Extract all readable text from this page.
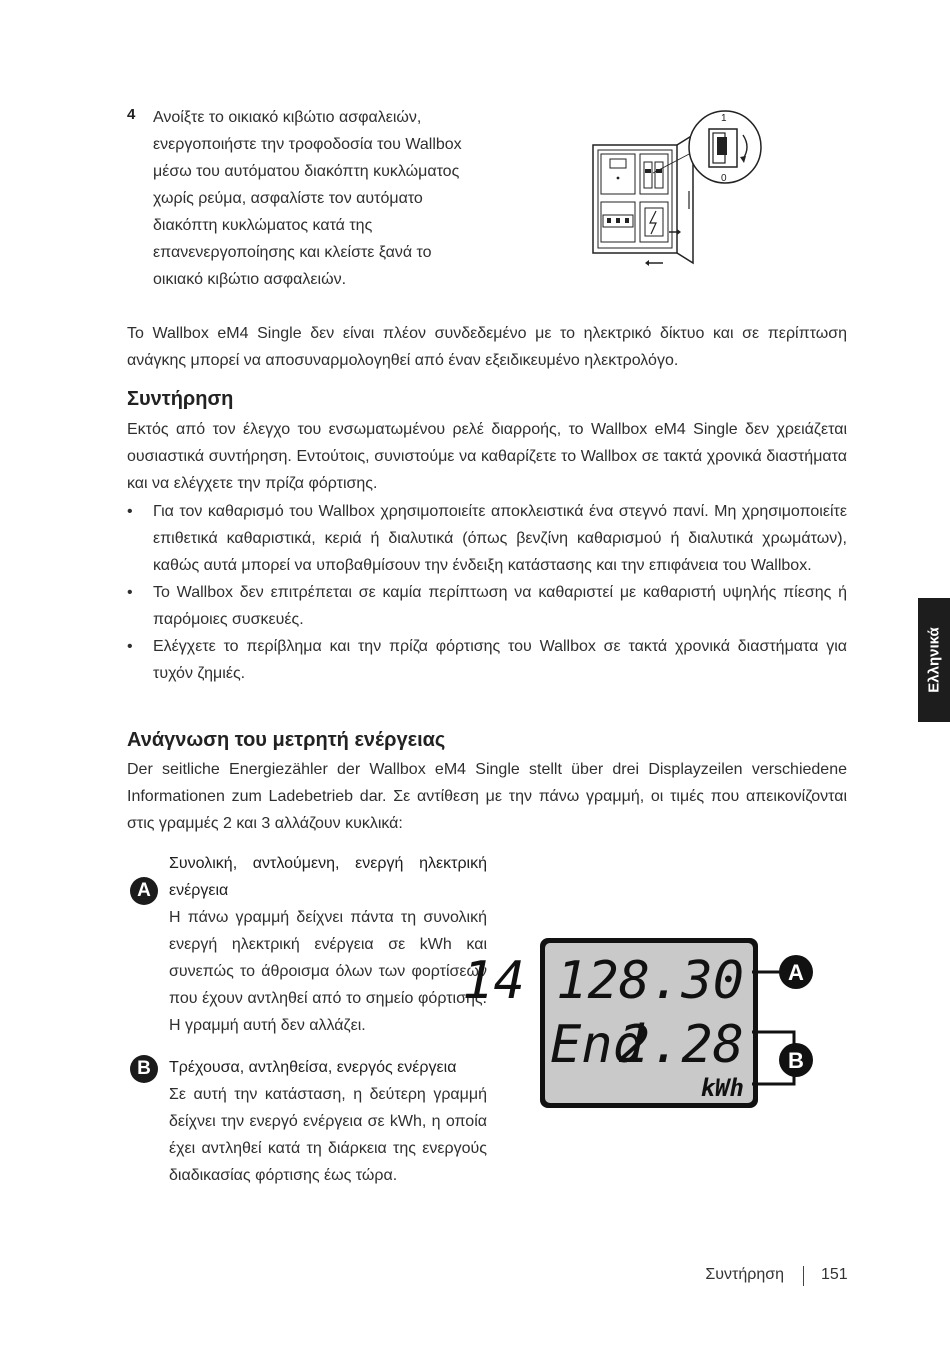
4 Ανοίξτε το οικιακό κιβώτιο ασφαλειών, ενεργοποιήστε την τροφοδοσία του Wallbox μέσω του αυτόματου διακόπτη κυκλώματος χωρίς ρεύμα, ασφαλίστε τον αυτόματο διακόπτη κυκλώματος κατά της επανενεργοποίησης και κλείστε ξανά το οικιακό κιβώτιο ασφαλειών.
1
0
Το Wallbox eM4 Single δεν είναι πλέον συνδεδεμένο με το ηλεκτρικό δίκτυο και σε περίπτωση ανάγκης μπορεί να αποσυναρμολογηθεί από έναν εξειδικευμένο ηλεκτρολόγο.
Συντήρηση
Εκτός από τον έλεγχο του ενσωματωμένου ρελέ διαρροής, το Wallbox eM4 Single δεν χρειάζεται ουσιαστικά συντήρηση. Εντούτοις, συνιστούμε να καθαρίζετε το Wallbox σε τακτά χρονικά διαστήματα και να ελέγχετε την πρίζα φόρτισης.
• Για τον καθαρισμό του Wallbox χρησιμοποιείτε αποκλειστικά ένα στεγνό πανί. Μη χρησιμοποιείτε επιθετικά καθαριστικά, κεριά ή διαλυτικά (όπως βενζίνη καθαρισμού ή διαλυτικά χρωμάτων), καθώς αυτά μπορεί να υποβαθμίσουν την ένδειξη κατάστασης και την επιφάνεια του Wallbox.
• Το Wallbox δεν επιτρέπεται σε καμία περίπτωση να καθαριστεί με καθαριστή υψηλής πίεσης ή παρόμοιες συσκευές.
• Ελέγχετε το περίβλημα και την πρίζα φόρτισης του Wallbox σε τακτά χρονικά διαστήματα για τυχόν ζημιές.
Ανάγνωση του μετρητή ενέργειας
Der seitliche Energiezähler der Wallbox eM4 Single stellt über drei Displayzeilen verschiedene Informationen zum Ladebetrieb dar. Σε αντίθεση με την πάνω γραμμή, οι τιμές που απεικονίζονται στις γραμμές 2 και 3 αλλάζουν κυκλικά:
A
Συνολική, αντλούμενη, ενεργή ηλεκτρική ενέργεια
Η πάνω γραμμή δείχνει πάντα τη συνολική ενεργή ηλεκτρική ενέργεια σε kWh και συνεπώς το άθροισμα όλων των φορτίσεων που έχουν αντληθεί από το σημείο φόρτισης. Η γραμμή αυτή δεν αλλάζει.
B	Τρέχουσα, αντληθείσα, ενεργός ενέργεια
Σε αυτή την κατάσταση, η δεύτερη γραμμή δείχνει την ενεργό ενέργεια σε kWh, η οποία έχει αντληθεί κατά τη διάρκεια της ενεργούς διαδικασίας φόρτισης έως τώρα.
14 128.30
End
2.28
kWh
A
B
Ελληνικά
Συντήρηση 151
